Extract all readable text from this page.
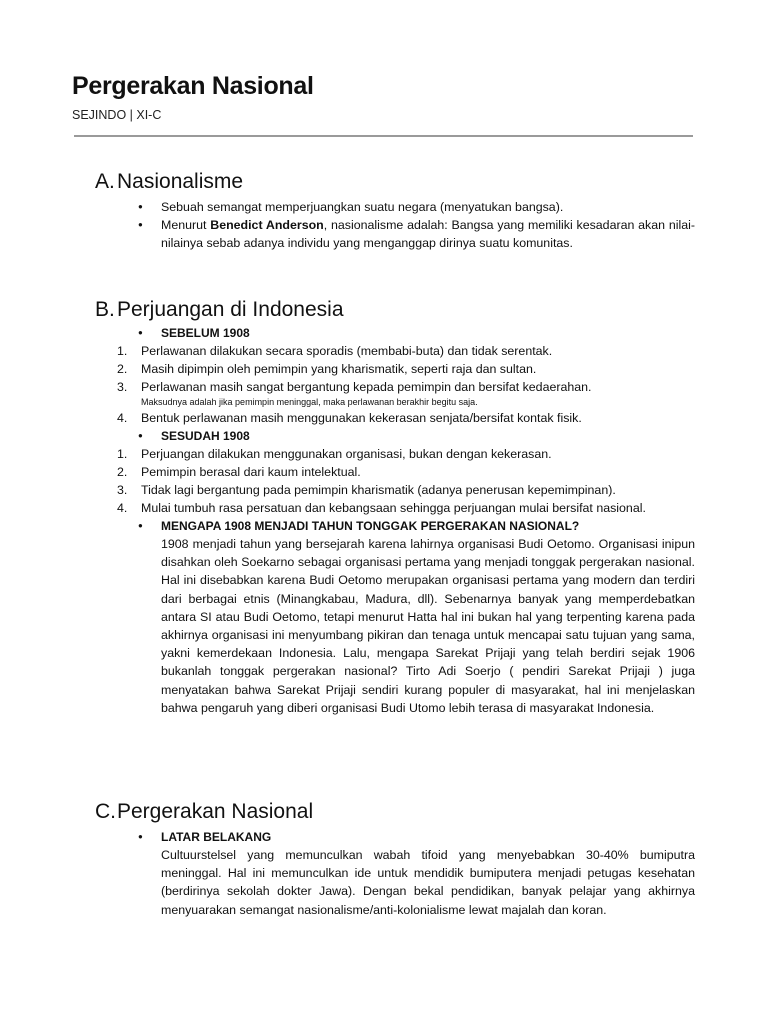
Pergerakan Nasional
SEJINDO | XI-C
A. Nasionalisme
● Sebuah semangat memperjuangkan suatu negara (menyatukan bangsa).
● Menurut Benedict Anderson, nasionalisme adalah: Bangsa yang memiliki kesadaran akan nilai-nilainya sebab adanya individu yang menganggap dirinya suatu komunitas.
B. Perjuangan di Indonesia
● SEBELUM 1908
1. Perlawanan dilakukan secara sporadis (membabi-buta) dan tidak serentak.
2. Masih dipimpin oleh pemimpin yang kharismatik, seperti raja dan sultan.
3. Perlawanan masih sangat bergantung kepada pemimpin dan bersifat kedaerahan.
Maksudnya adalah jika pemimpin meninggal, maka perlawanan berakhir begitu saja.
4. Bentuk perlawanan masih menggunakan kekerasan senjata/bersifat kontak fisik.
● SESUDAH 1908
1. Perjuangan dilakukan menggunakan organisasi, bukan dengan kekerasan.
2. Pemimpin berasal dari kaum intelektual.
3. Tidak lagi bergantung pada pemimpin kharismatik (adanya penerusan kepemimpinan).
4. Mulai tumbuh rasa persatuan dan kebangsaan sehingga perjuangan mulai bersifat nasional.
● MENGAPA 1908 MENJADI TAHUN TONGGAK PERGERAKAN NASIONAL?

1908 menjadi tahun yang bersejarah karena lahirnya organisasi Budi Oetomo. Organisasi inipun disahkan oleh Soekarno sebagai organisasi pertama yang menjadi tonggak pergerakan nasional. Hal ini disebabkan karena Budi Oetomo merupakan organisasi pertama yang modern dan terdiri dari berbagai etnis (Minangkabau, Madura, dll). Sebenarnya banyak yang memperdebatkan antara SI atau Budi Oetomo, tetapi menurut Hatta hal ini bukan hal yang terpenting karena pada akhirnya organisasi ini menyumbang pikiran dan tenaga untuk mencapai satu tujuan yang sama, yakni kemerdekaan Indonesia. Lalu, mengapa Sarekat Prijaji yang telah berdiri sejak 1906 bukanlah tonggak pergerakan nasional? Tirto Adi Soerjo ( pendiri Sarekat Prijaji ) juga menyatakan bahwa Sarekat Prijaji sendiri kurang populer di masyarakat, hal ini menjelaskan bahwa pengaruh yang diberi organisasi Budi Utomo lebih terasa di masyarakat Indonesia.

C.Pergerakan Nasional
● LATAR BELAKANG

Cultuurstelsel yang memunculkan wabah tifoid yang menyebabkan 30-40% bumiputra meninggal. Hal ini memunculkan ide untuk mendidik bumiputera menjadi petugas kesehatan (berdirinya sekolah dokter Jawa). Dengan bekal pendidikan, banyak pelajar yang akhirnya menyuarakan semangat nasionalisme/anti-kolonialisme lewat majalah dan koran.
